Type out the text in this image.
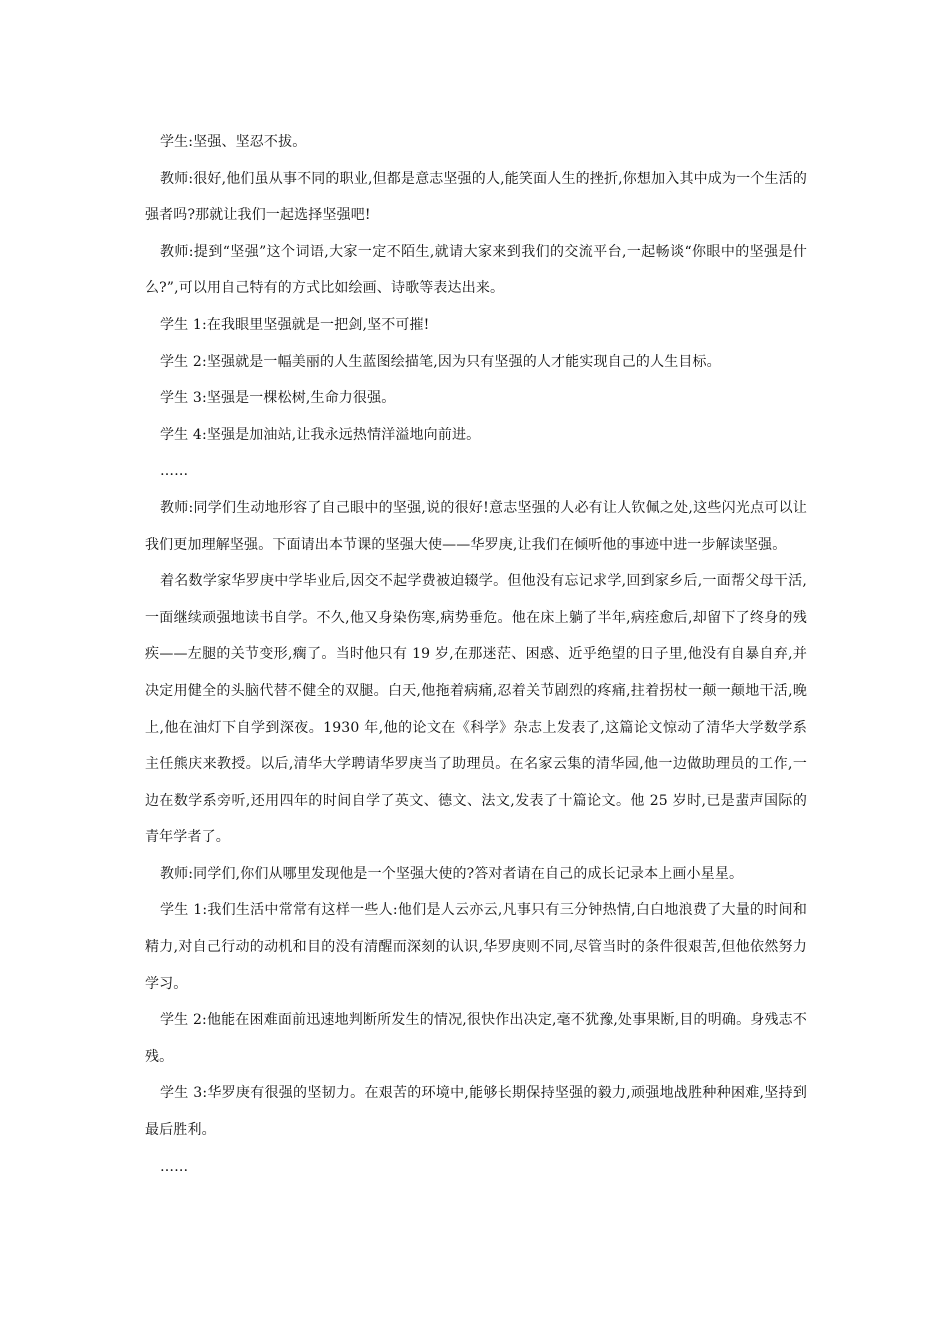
学生:坚强、坚忍不拔。

教师:很好,他们虽从事不同的职业,但都是意志坚强的人,能笑面人生的挫折,你想加入其中成为一个生活的强者吗?那就让我们一起选择坚强吧!

教师:提到“坚强”这个词语,大家一定不陌生,就请大家来到我们的交流平台,一起畅谈“你眼中的坚强是什么?”,可以用自己特有的方式比如绘画、诗歌等表达出来。

学生 1:在我眼里坚强就是一把剑,坚不可摧!

学生 2:坚强就是一幅美丽的人生蓝图绘描笔,因为只有坚强的人才能实现自己的人生目标。

学生 3:坚强是一棵松树,生命力很强。

学生 4:坚强是加油站,让我永远热情洋溢地向前进。

……

教师:同学们生动地形容了自己眼中的坚强,说的很好!意志坚强的人必有让人钦佩之处,这些闪光点可以让我们更加理解坚强。下面请出本节课的坚强大使——华罗庚,让我们在倾听他的事迹中进一步解读坚强。

着名数学家华罗庚中学毕业后,因交不起学费被迫辍学。但他没有忘记求学,回到家乡后,一面帮父母干活,一面继续顽强地读书自学。不久,他又身染伤寒,病势垂危。他在床上躺了半年,病痊愈后,却留下了终身的残疾——左腿的关节变形,瘸了。当时他只有 19 岁,在那迷茫、困惑、近乎绝望的日子里,他没有自暴自弃,并决定用健全的头脑代替不健全的双腿。白天,他拖着病痛,忍着关节剧烈的疼痛,拄着拐杖一颠一颠地干活,晚上,他在油灯下自学到深夜。1930 年,他的论文在《科学》杂志上发表了,这篇论文惊动了清华大学数学系主任熊庆来教授。以后,清华大学聘请华罗庚当了助理员。在名家云集的清华园,他一边做助理员的工作,一边在数学系旁听,还用四年的时间自学了英文、德文、法文,发表了十篇论文。他 25 岁时,已是蜚声国际的青年学者了。

教师:同学们,你们从哪里发现他是一个坚强大使的?答对者请在自己的成长记录本上画小星星。

学生 1:我们生活中常常有这样一些人:他们是人云亦云,凡事只有三分钟热情,白白地浪费了大量的时间和精力,对自己行动的动机和目的没有清醒而深刻的认识,华罗庚则不同,尽管当时的条件很艰苦,但他依然努力学习。

学生 2:他能在困难面前迅速地判断所发生的情况,很快作出决定,毫不犹豫,处事果断,目的明确。身残志不残。

学生 3:华罗庚有很强的坚韧力。在艰苦的环境中,能够长期保持坚强的毅力,顽强地战胜种种困难,坚持到最后胜利。

……
